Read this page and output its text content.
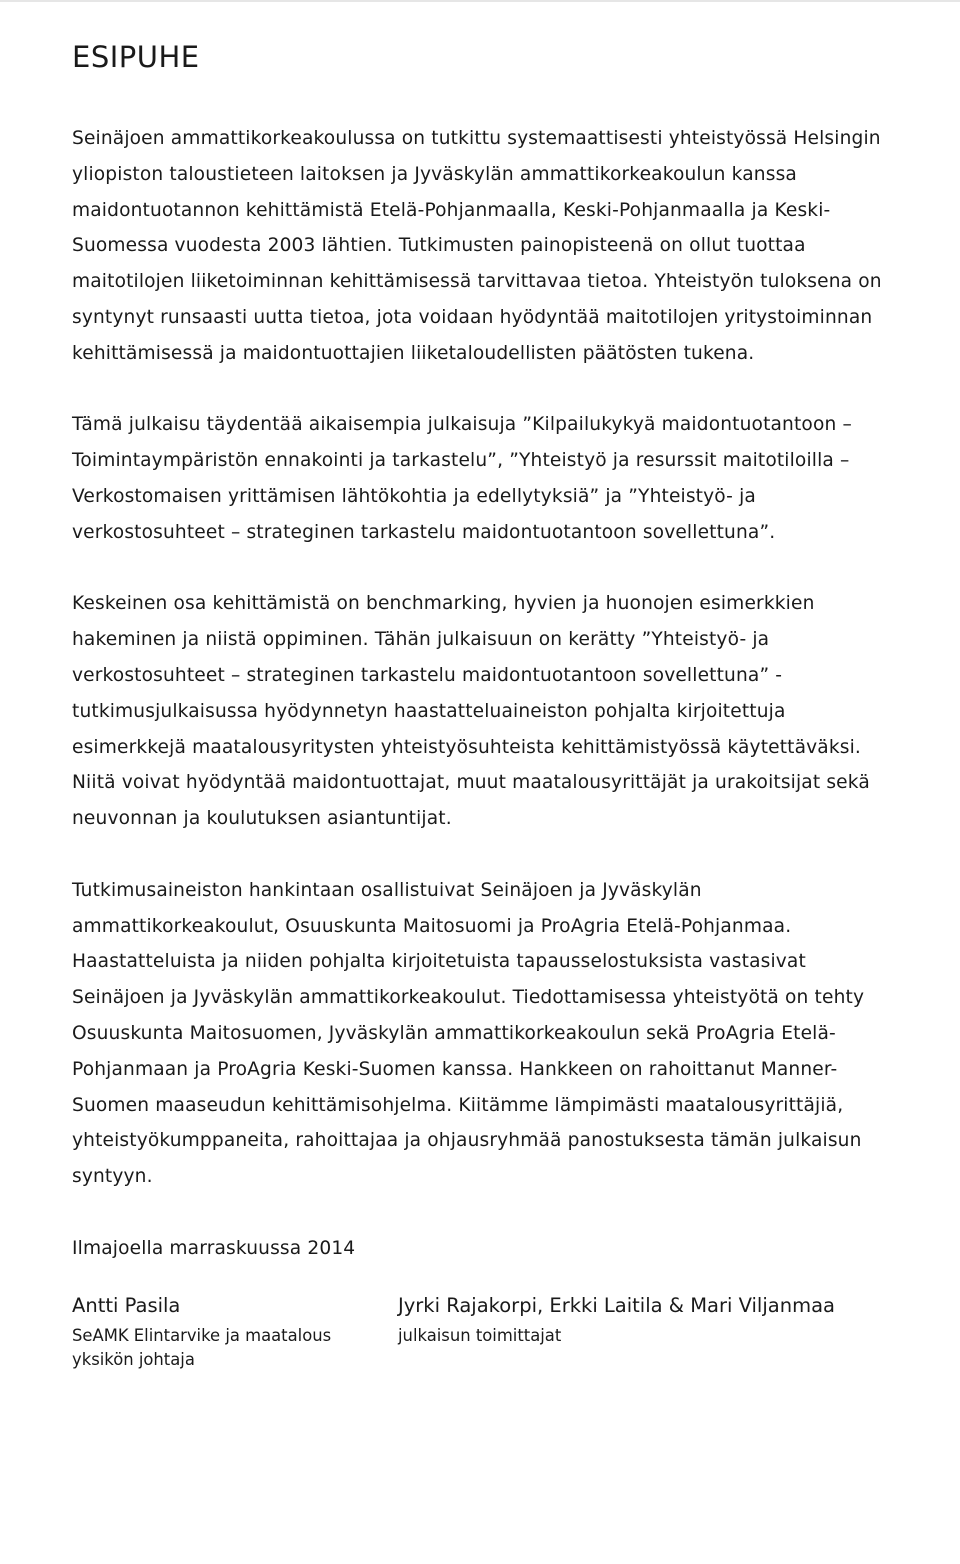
ESIPUHE

Seinäjoen ammattikorkeakoulussa on tutkittu systemaattisesti yhteistyössä Helsingin yliopiston taloustieteen laitoksen ja Jyväskylän ammattikorkeakoulun kanssa maidontuotannon kehittämistä Etelä-Pohjanmaalla, Keski-Pohjanmaalla ja Keski-Suomessa vuodesta 2003 lähtien. Tutkimusten painopisteenä on ollut tuottaa maitotilojen liiketoiminnan kehittämisessä tarvittavaa tietoa. Yhteistyön tuloksena on syntynyt runsaasti uutta tietoa, jota voidaan hyödyntää maitotilojen yritystoiminnan kehittämisessä ja maidontuottajien liiketaloudellisten päätösten tukena.

Tämä julkaisu täydentää aikaisempia julkaisuja ”Kilpailukykyä maidontuotantoon – Toimintaympäristön ennakointi ja tarkastelu”, ”Yhteistyö ja resurssit maitotiloilla – Verkostomaisen yrittämisen lähtökohtia ja edellytyksiä” ja ”Yhteistyö- ja verkostosuhteet – strateginen tarkastelu maidontuotantoon sovellettuna”.

Keskeinen osa kehittämistä on benchmarking, hyvien ja huonojen esimerkkien hakeminen ja niistä oppiminen. Tähän julkaisuun on kerätty ”Yhteistyö- ja verkostosuhteet – strateginen tarkastelu maidontuotantoon sovellettuna” -tutkimusjulkaisussa hyödynnetyn haastatteluaineiston pohjalta kirjoitettuja esimerkkejä maatalousyritysten yhteistyösuhteista kehittämistyössä käytettäväksi. Niitä voivat hyödyntää maidontuottajat, muut maatalousyrittäjät ja urakoitsijat sekä neuvonnan ja koulutuksen asiantuntijat.

Tutkimusaineiston hankintaan osallistuivat Seinäjoen ja Jyväskylän ammattikorkeakoulut, Osuuskunta Maitosuomi ja ProAgria Etelä-Pohjanmaa. Haastatteluista ja niiden pohjalta kirjoitetuista tapausselostuksista vastasivat Seinäjoen ja Jyväskylän ammattikorkeakoulut. Tiedottamisessa yhteistyötä on tehty Osuuskunta Maitosuomen, Jyväskylän ammattikorkeakoulun sekä ProAgria Etelä-Pohjanmaan ja ProAgria Keski-Suomen kanssa. Hankkeen on rahoittanut Manner-Suomen maaseudun kehittämisohjelma. Kiitämme lämpimästi maatalousyrittäjiä, yhteistyökumppaneita, rahoittajaa ja ohjausryhmää panostuksesta tämän julkaisun syntyyn.

Ilmajoella marraskuussa 2014

Antti Pasila

SeAMK Elintarvike ja maatalous

yksikön johtaja

Jyrki Rajakorpi, Erkki Laitila & Mari Viljanmaa

julkaisun toimittajat
